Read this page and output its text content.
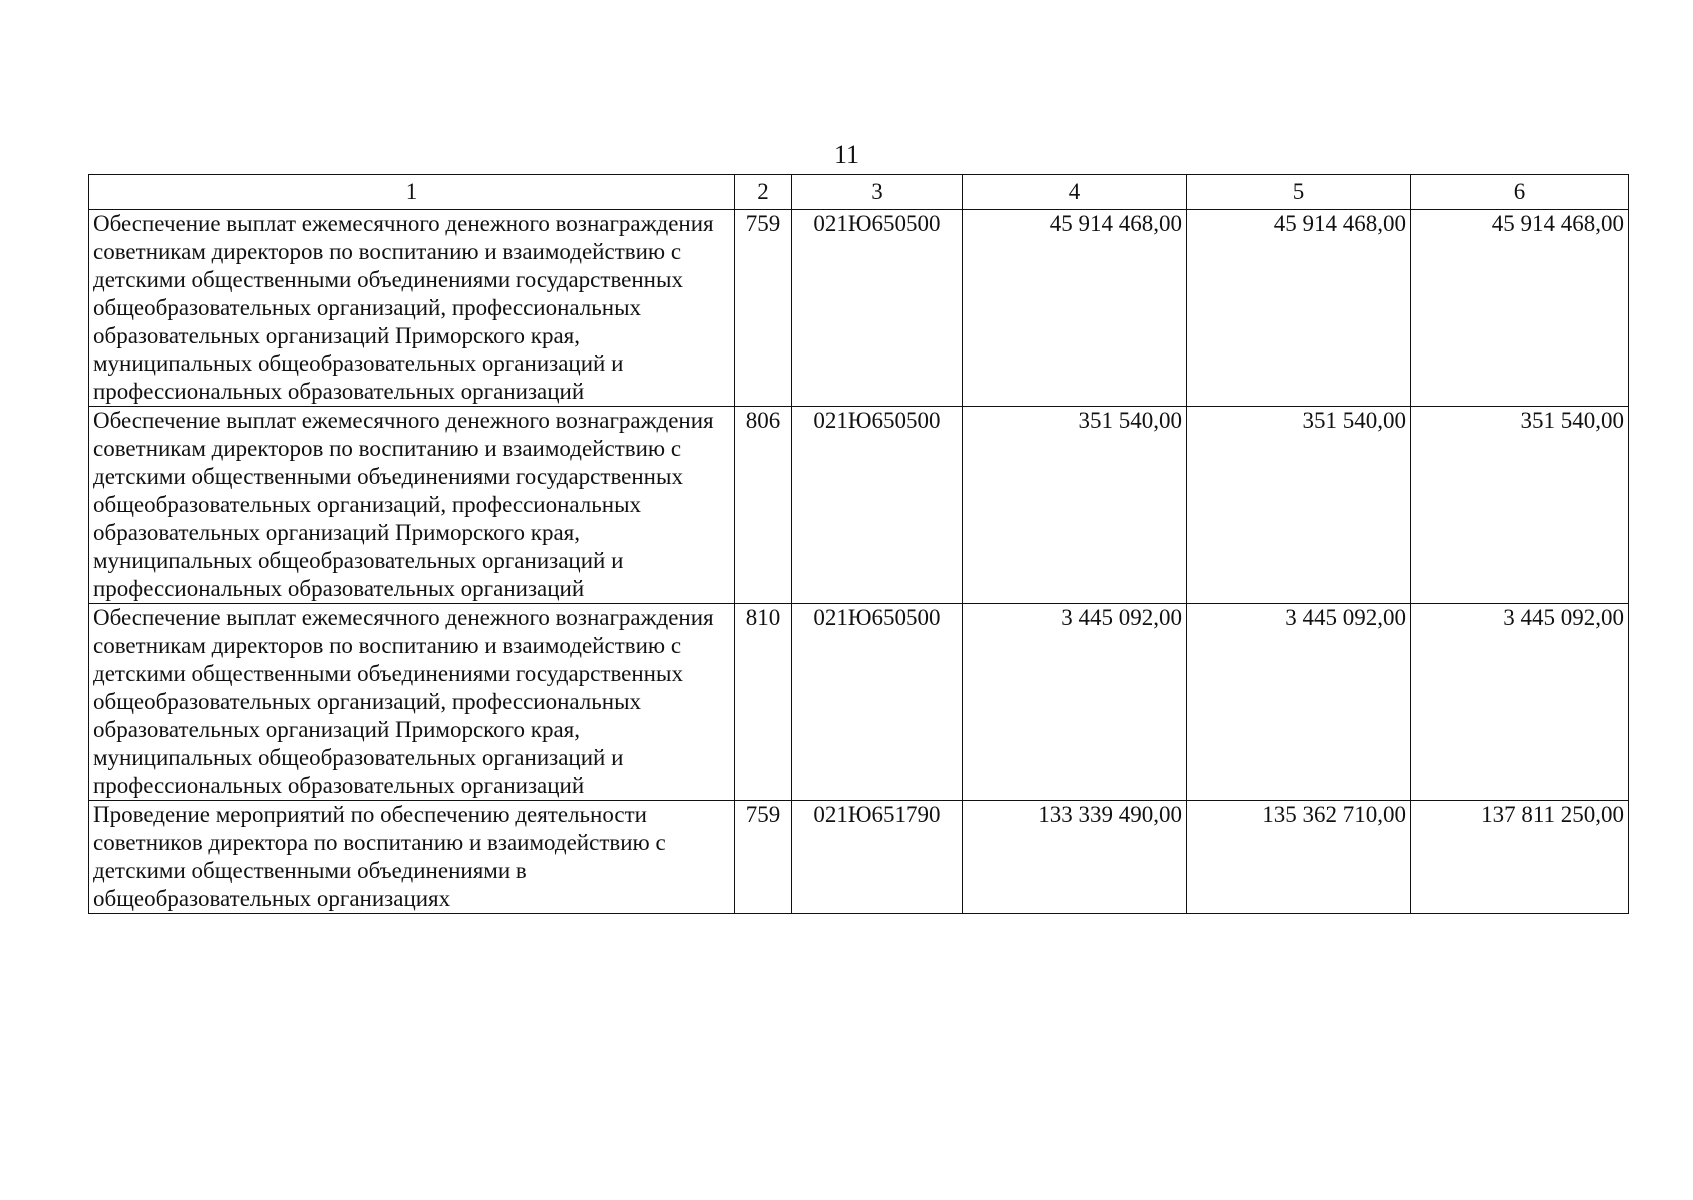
11
1	2	3	4	5	6
Обеспечение выплат ежемесячного денежного вознаграждения советникам директоров по воспитанию и взаимодействию с детскими общественными объединениями государственных общеобразовательных организаций, профессиональных образовательных организаций Приморского края, муниципальных общеобразовательных организаций и профессиональных образовательных организаций	759	021Ю650500	45 914 468,00	45 914 468,00	45 914 468,00
Обеспечение выплат ежемесячного денежного вознаграждения советникам директоров по воспитанию и взаимодействию с детскими общественными объединениями государственных общеобразовательных организаций, профессиональных образовательных организаций Приморского края, муниципальных общеобразовательных организаций и профессиональных образовательных организаций	806	021Ю650500	351 540,00	351 540,00	351 540,00
Обеспечение выплат ежемесячного денежного вознаграждения советникам директоров по воспитанию и взаимодействию с детскими общественными объединениями государственных общеобразовательных организаций, профессиональных образовательных организаций Приморского края, муниципальных общеобразовательных организаций и профессиональных образовательных организаций	810	021Ю650500	3 445 092,00	3 445 092,00	3 445 092,00
Проведение мероприятий по обеспечению деятельности советников директора по воспитанию и взаимодействию с детскими общественными объединениями в общеобразовательных организациях	759	021Ю651790	133 339 490,00	135 362 710,00	137 811 250,00
